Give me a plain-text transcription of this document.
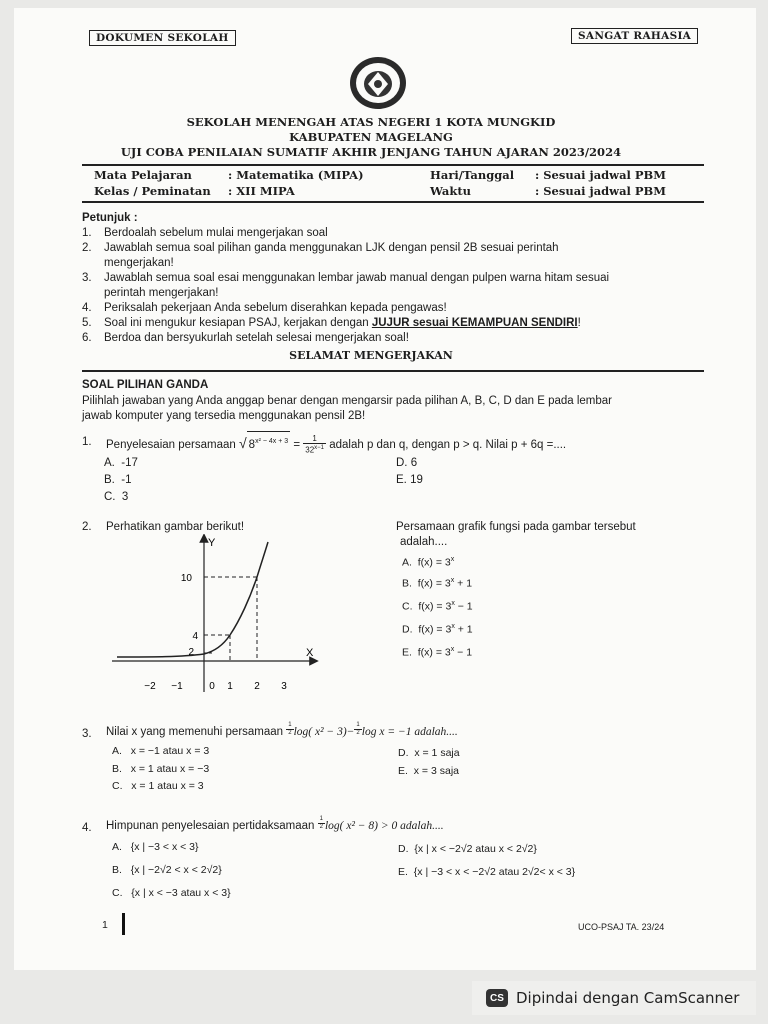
DOKUMEN SEKOLAH	SANGAT RAHASIA
SEKOLAH MENENGAH ATAS NEGERI 1 KOTA MUNGKID
KABUPATEN MAGELANG
UJI COBA PENILAIAN SUMATIF AKHIR JENJANG TAHUN AJARAN 2023/2024
Mata Pelajaran	: Matematika (MIPA)	Hari/Tanggal : Sesuai jadwal PBM
Kelas / Peminatan : XII MIPA	Waktu	: Sesuai jadwal PBM
Petunjuk :
1. Berdoalah sebelum mulai mengerjakan soal
2. Jawablah semua soal pilihan ganda menggunakan LJK dengan pensil 2B sesuai perintah
mengerjakan!
3. Jawablah semua soal esai menggunakan lembar jawab manual dengan pulpen warna hitam sesuai
perintah mengerjakan!
4. Periksalah pekerjaan Anda sebelum diserahkan kepada pengawas!
5. Soal ini mengukur kesiapan PSAJ, kerjakan dengan JUJUR sesuai KEMAMPUAN SENDIRI!
6. Berdoa dan bersyukurlah setelah selesai mengerjakan soal!
SELAMAT MENGERJAKAN
SOAL PILIHAN GANDA
Pilihlah jawaban yang Anda anggap benar dengan mengarsir pada pilihan A, B, C, D dan E pada lembar
jawab komputer yang tersedia menggunakan pensil 2B!
1. Penyelesaian persamaan √ $8^{x^2 - 4x + 3} = \frac{1}{32^{x-1}}$ adalah p dan q, dengan p > q. Nilai p + 6q =....
A. -17
B. -1
C. 3
D. 6
E. 19
2. Perhatikan gambar berikut!	Persamaan grafik fungsi pada gambar tersebut
adalah....
A. $f(x) = 3^x$
B. $f(x) = 3^x + 1$
C. $f(x) = 3^x - 1$
D. $f(x) = 3^x + 1$
E. $f(x) = 3^x - 1$
Y
X
10
4
2
−2 −1	0 1 2 3
3. Nilai x yang memenuhi persamaan $\frac{1}{2} \log$( $x^2 - 3)- \frac{1}{2}$ log x = −1 adalah....
A. x = −1 atau x = 3
B. x = 1 atau x = −3
C. x = 1 atau x = 3
D. x = 1 saja
E. x = 3 saja
4. Himpunan penyelesaian pertidaksamaan $\frac{1}{2} \log$( x² − 8) > 0 adalah....
A. {x | −3 < x < 3}
B. {x | −2√2 < x < 2√2}
C. {x | x < −3 atau x < 3}
D. {x | x < −2√2 atau x < 2√2}
E. {x | −3 < x < −2√2 atau 2√2< x < 3}
1	UCO-PSAJ TA. 23/24
CS Dipindai dengan CamScanner
